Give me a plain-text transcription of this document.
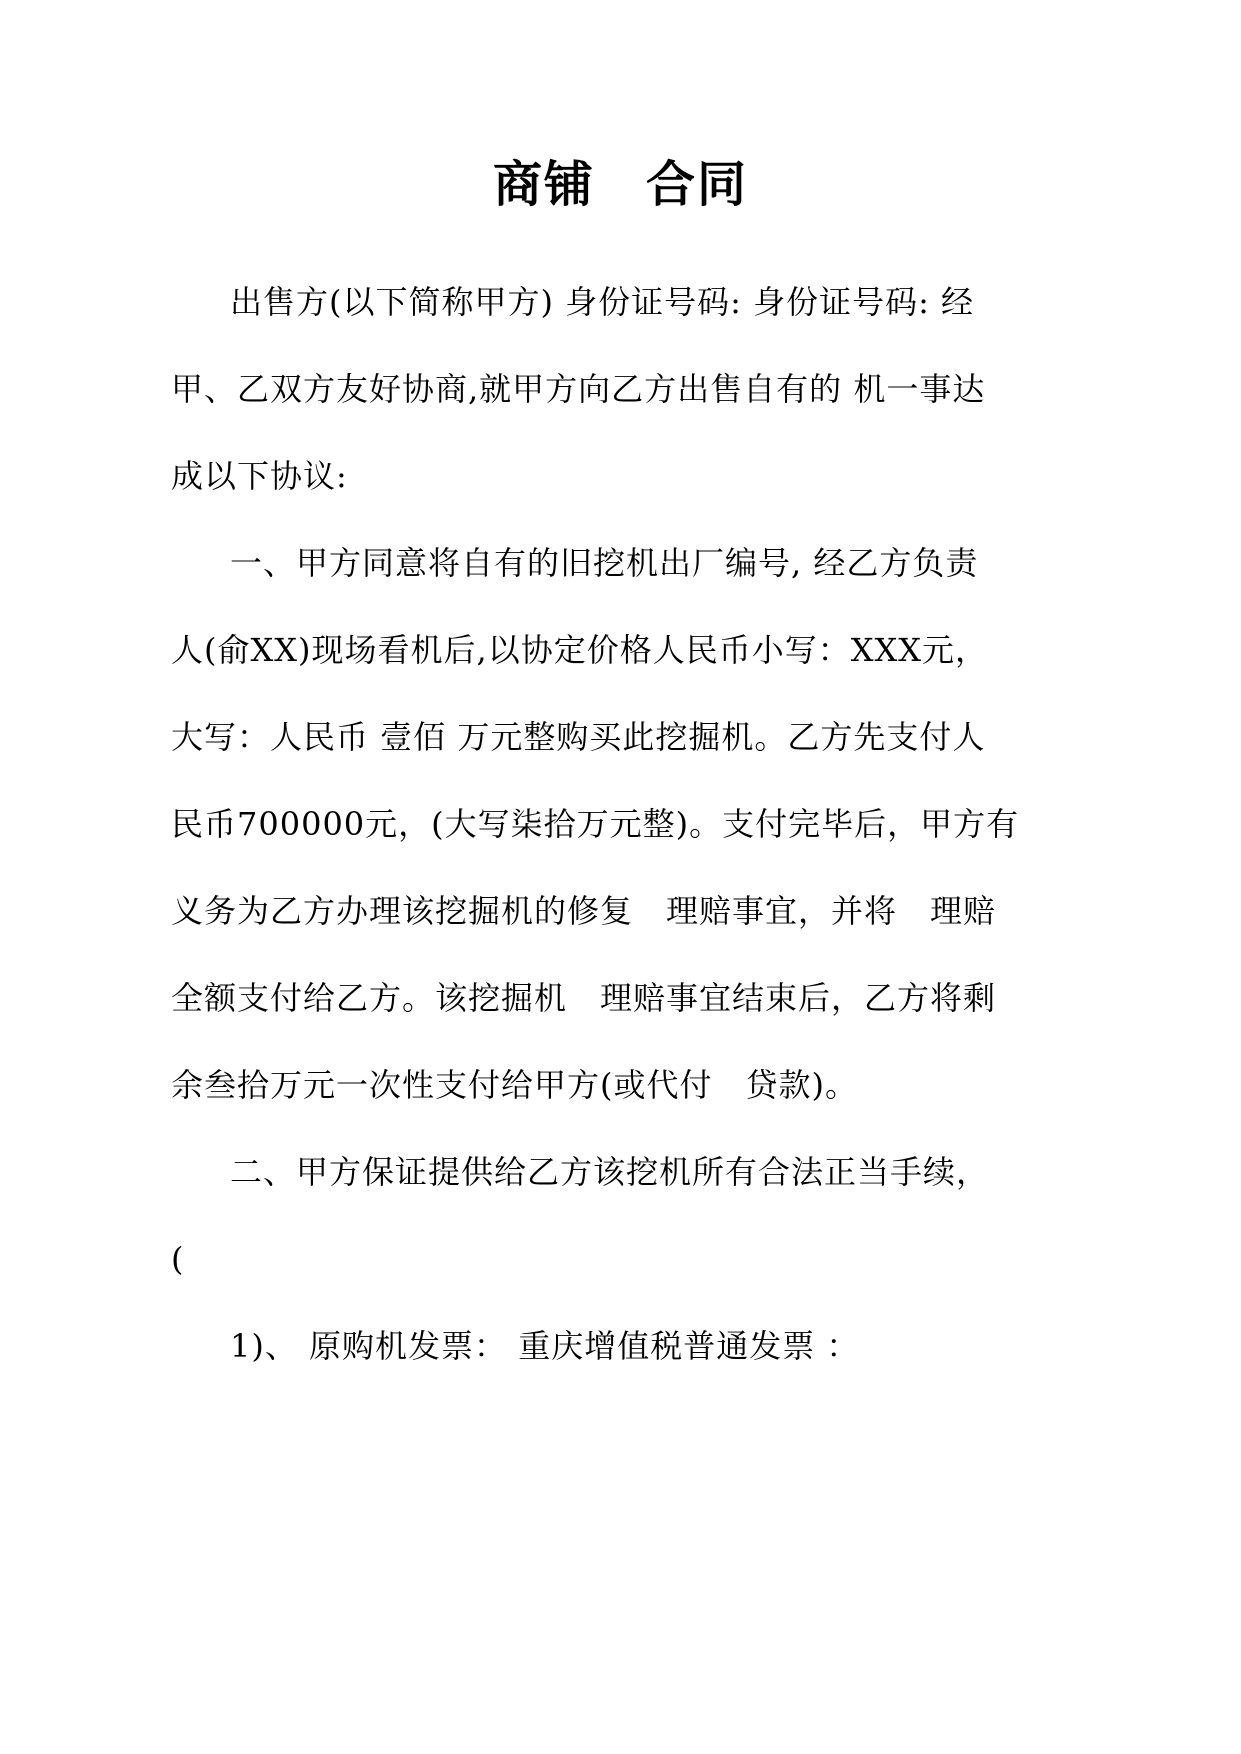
商铺　合同
出售方(以下简称甲方) 身份证号码: 身份证号码: 经
甲、乙双方友好协商,就甲方向乙方出售自有的 机一事达
成以下协议:
一、甲方同意将自有的旧挖机出厂编号, 经乙方负责
人(俞XX)现场看机后,以协定价格人民币小写：XXX元，
大写：人民币 壹佰 万元整购买此挖掘机。乙方先支付人
民币700000元，(大写柒拾万元整)。支付完毕后，甲方有
义务为乙方办理该挖掘机的修复　理赔事宜，并将　理赔
全额支付给乙方。该挖掘机　理赔事宜结束后，乙方将剩
余叁拾万元一次性支付给甲方(或代付　贷款)。
二、甲方保证提供给乙方该挖机所有合法正当手续，
(
1)、 原购机发票： 重庆增值税普通发票 ：
